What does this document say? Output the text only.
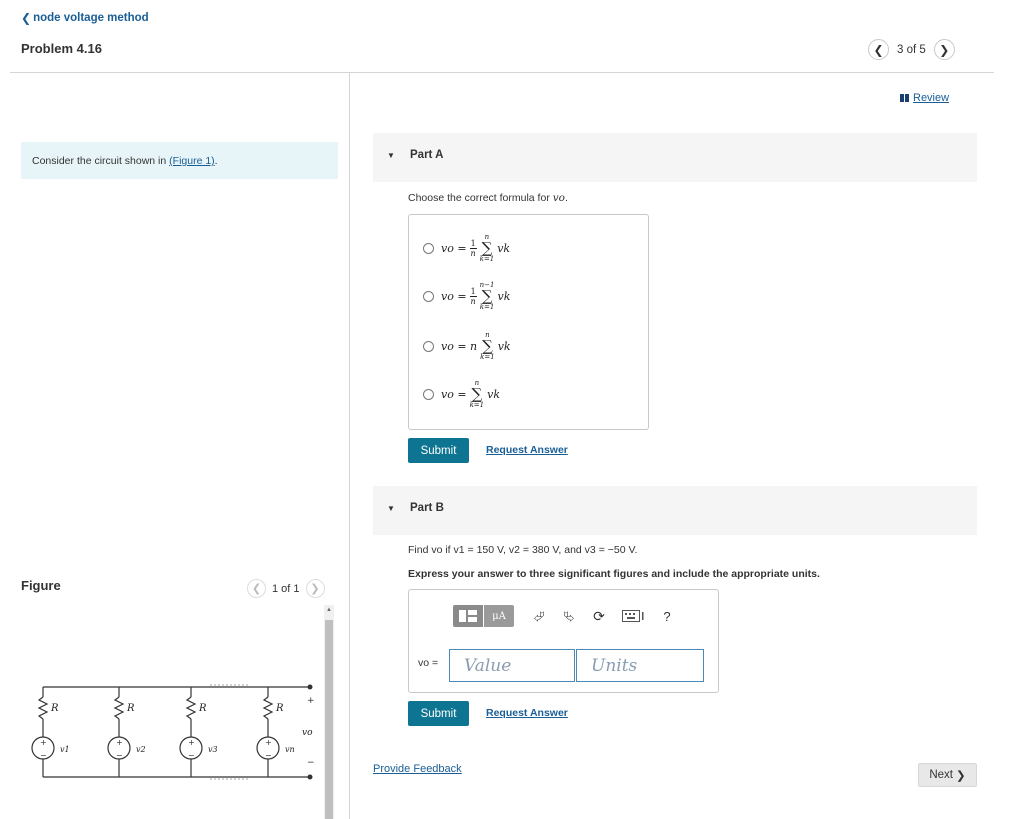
❮ node voltage method
Problem 4.16	❮	3 of 5	❯
Consider the circuit shown in (Figure 1).
Figure	❮ 1 of 1 ❯
R	R	R	R
v1	v2	v3	vn
vo
+
−
+
−
+
−
+
−
+
−
▲
Review
▼ Part A
Choose the correct formula for vo.
vo = $\frac{1}{n}$
n
∑
k=1
vk
vo = $\frac{1}{n}$
n−1
∑
k=1
vk
vo = n
n
∑
k=1
vk
vo =
n
∑
k=1
vk
Submit	Request Answer
▼ Part B
Find vo if v1 = 150 V, v2 = 380 V, and v3 = −50 V.
Express your answer to three significant figures and include the appropriate units.
μA	⮰	⮱	⟳	?
vo =	Value	Units
Submit	Request Answer
Provide Feedback	Next ❯
